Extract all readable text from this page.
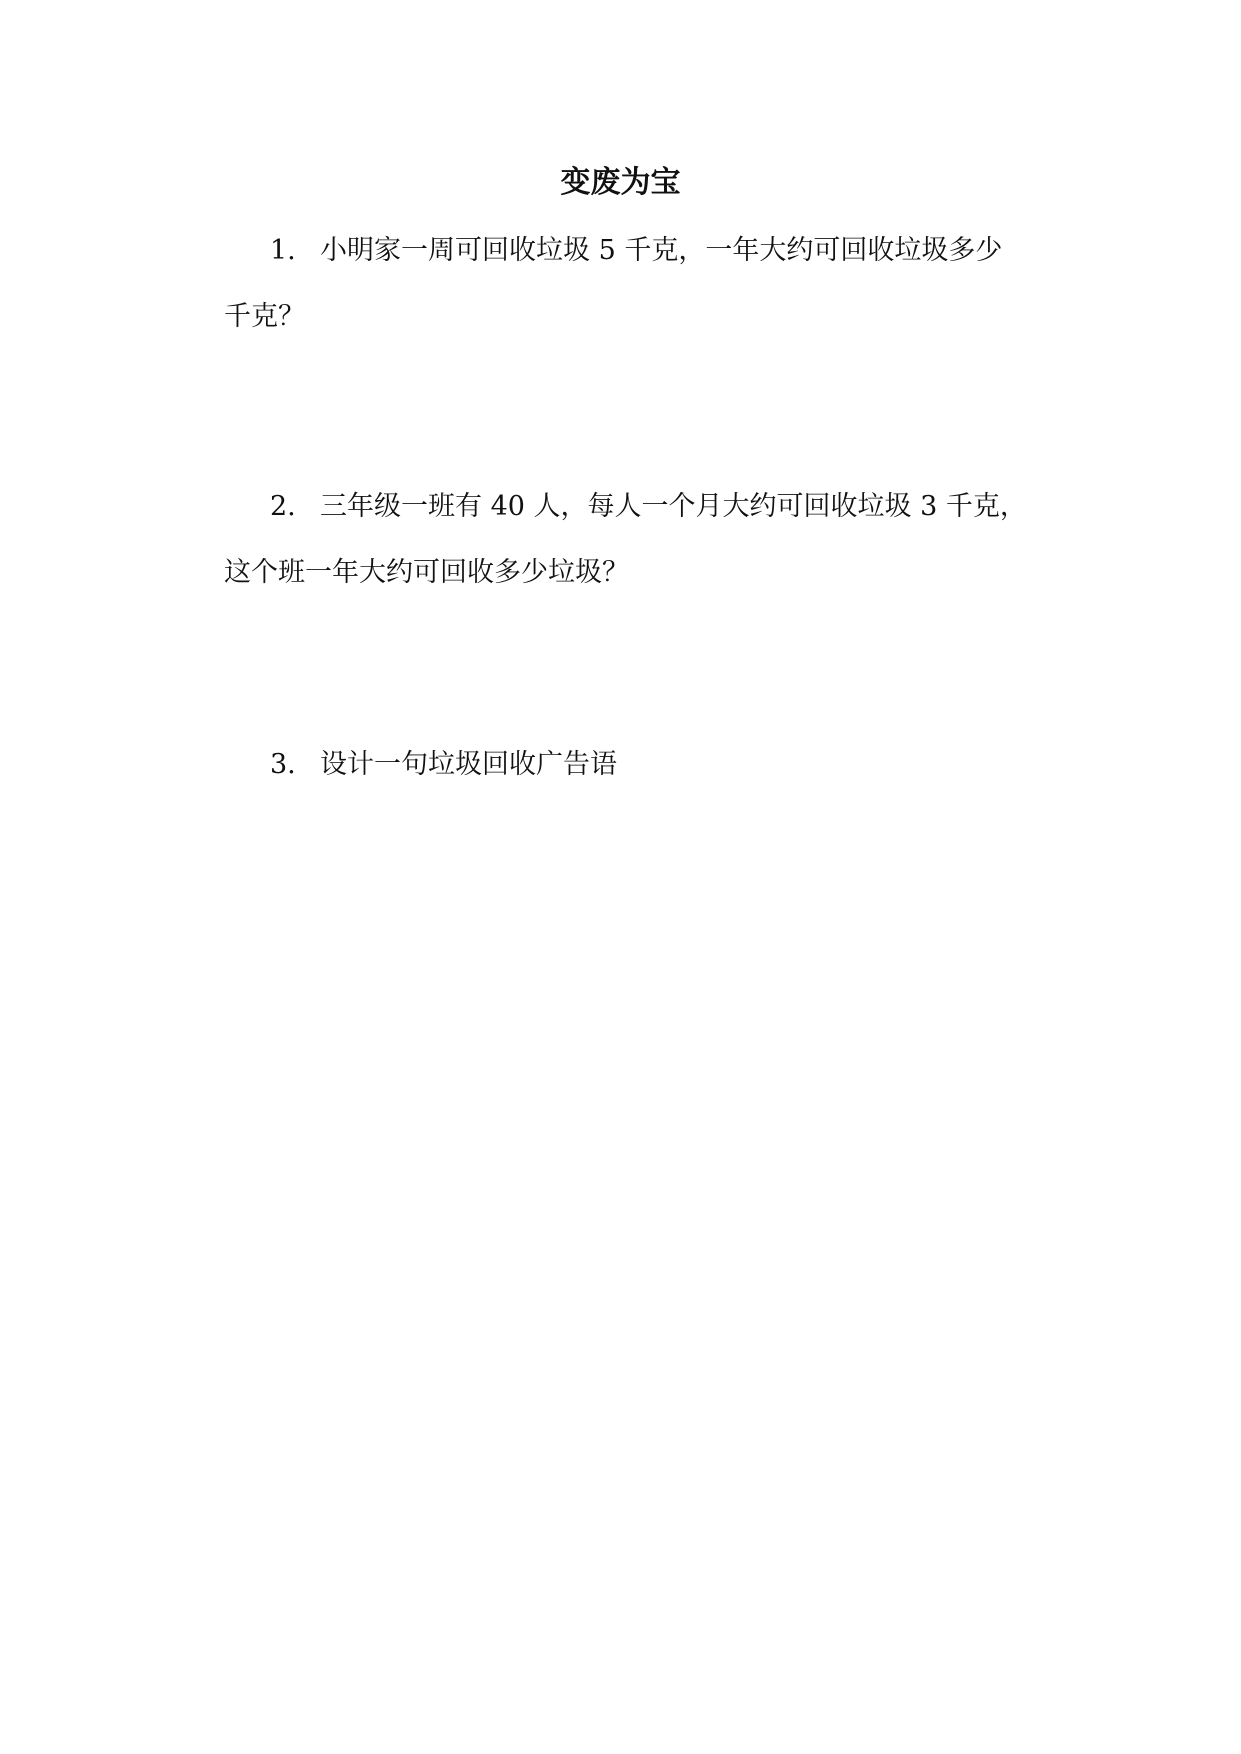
变废为宝
1. 小明家一周可回收垃圾 5 千克，一年大约可回收垃圾多少
千克？
2. 三年级一班有 40 人，每人一个月大约可回收垃圾 3 千克，
这个班一年大约可回收多少垃圾？
3. 设计一句垃圾回收广告语
